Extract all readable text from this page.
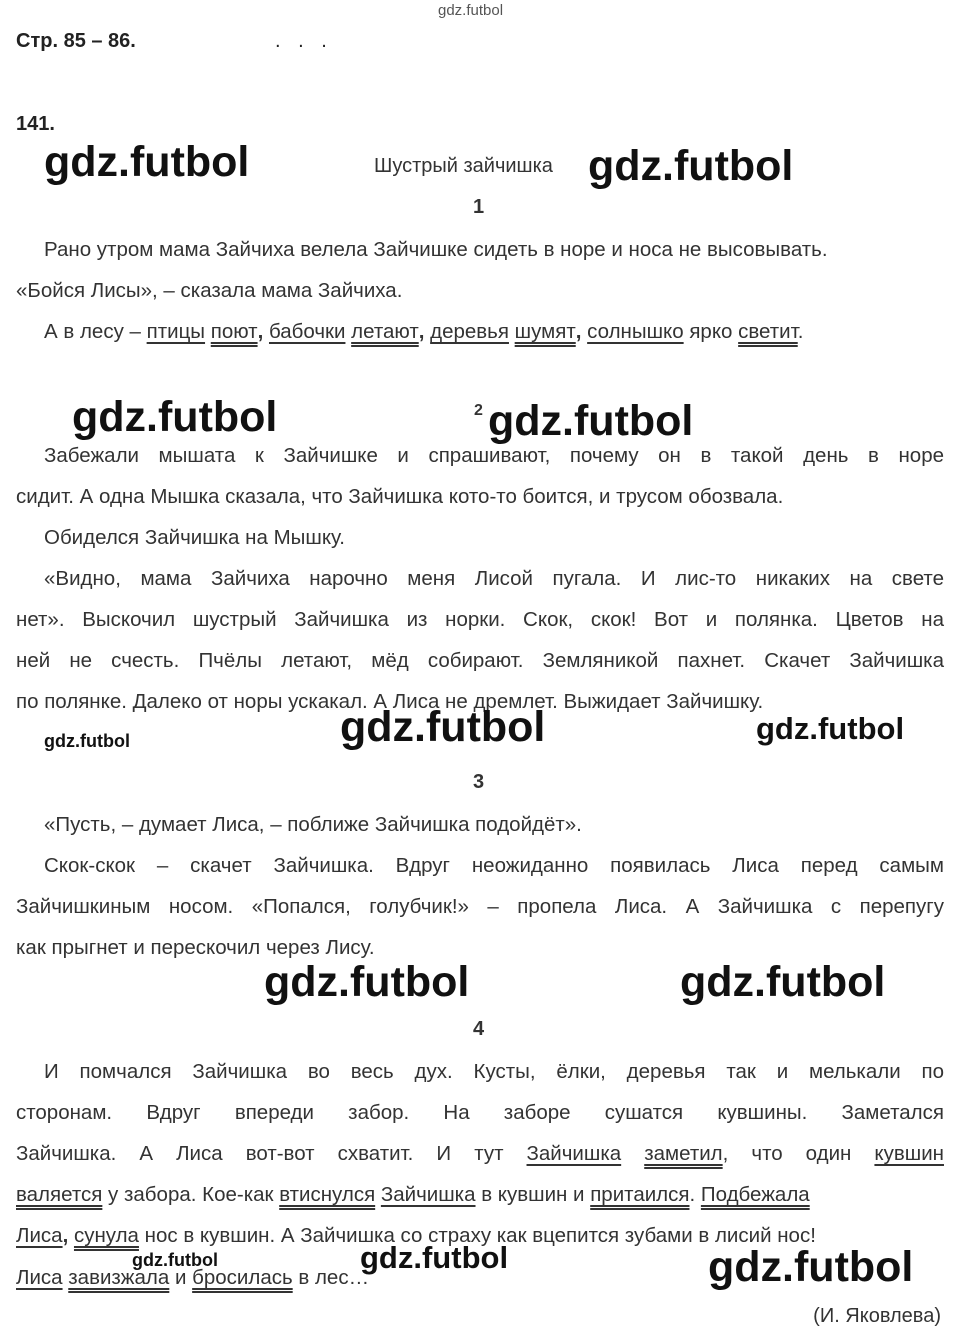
gdz.futbol
Стр. 85 – 86.	. . .
141.
Шустрый зайчишка
1
Рано утром мама Зайчиха велела Зайчишке сидеть в норе и носа не высовывать.
«Бойся Лисы», – сказала мама Зайчиха.
А в лесу – птицы поют, бабочки летают, деревья шумят, солнышко ярко светит.
2
Забежали мышата к Зайчишке и спрашивают, почему он в такой день в норе
сидит. А одна Мышка сказала, что Зайчишка кото-то боится, и трусом обозвала.
Обиделся Зайчишка на Мышку.
«Видно, мама Зайчиха нарочно меня Лисой пугала. И лис-то никаких на свете
нет». Выскочил шустрый Зайчишка из норки. Скок, скок! Вот и полянка. Цветов на
ней не счесть. Пчёлы летают, мёд собирают. Земляникой пахнет. Скачет Зайчишка
по полянке. Далеко от норы ускакал. А Лиса не дремлет. Выжидает Зайчишку.
3
«Пусть, – думает Лиса, – поближе Зайчишка подойдёт».
Скок-скок – скачет Зайчишка. Вдруг неожиданно появилась Лиса перед самым
Зайчишкиным носом. «Попался, голубчик!» – пропела Лиса. А Зайчишка с перепугу
как прыгнет и перескочил через Лису.
4
И помчался Зайчишка во весь дух. Кусты, ёлки, деревья так и мелькали по
сторонам. Вдруг впереди забор. На заборе сушатся кувшины. Заметался
Зайчишка. А Лиса вот-вот схватит. И тут Зайчишка заметил, что один кувшин
валяется у забора. Кое-как втиснулся Зайчишка в кувшин и притаился. Подбежала
Лиса, сунула нос в кувшин. А Зайчишка со страху как вцепится зубами в лисий нос!
Лиса завизжала и бросилась в лес…
(И. Яковлева)
gdz.futbol	gdz.futbol
gdz.futbol	gdz.futbol
gdz.futbol
gdz.futbol	gdz.futbol
gdz.futbol	gdz.futbol
gdz.futbol	gdz.futbol	gdz.futbol
